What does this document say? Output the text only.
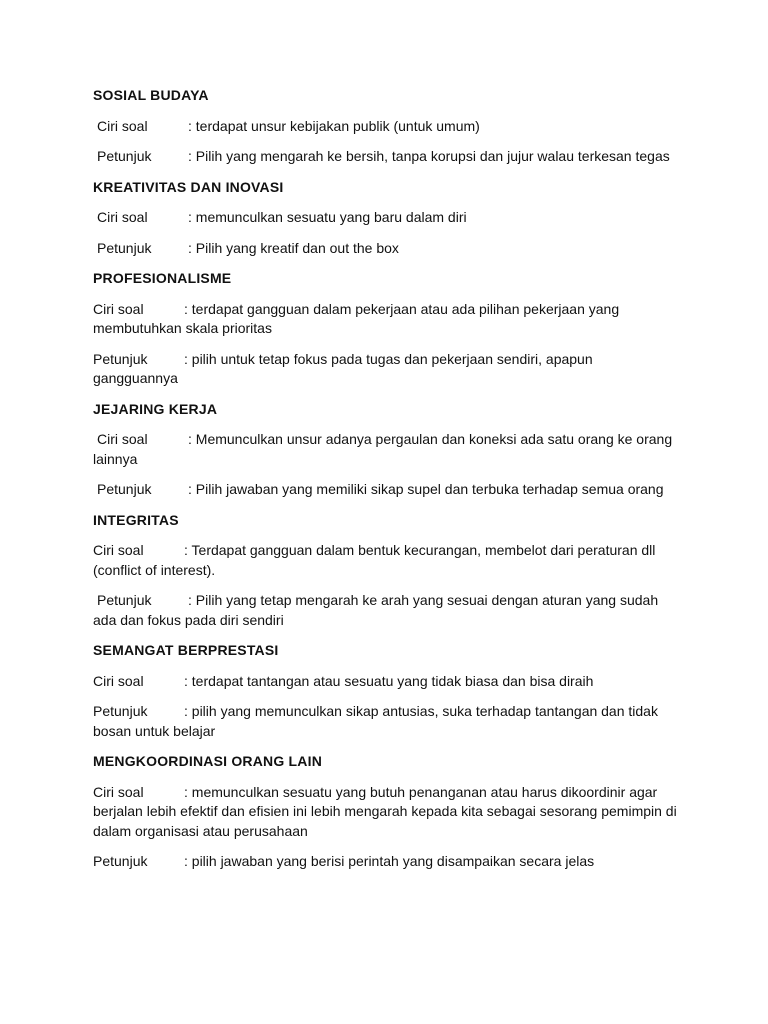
SOSIAL BUDAYA
Ciri soal	: terdapat unsur kebijakan publik (untuk umum)
Petunjuk	: Pilih yang mengarah ke bersih, tanpa korupsi dan jujur walau terkesan tegas
KREATIVITAS DAN INOVASI
Ciri soal	: memunculkan sesuatu yang baru dalam diri
Petunjuk	: Pilih yang kreatif dan out the box
PROFESIONALISME
Ciri soal	: terdapat gangguan dalam pekerjaan atau ada pilihan pekerjaan yang membutuhkan skala prioritas
Petunjuk	: pilih untuk tetap fokus pada tugas dan pekerjaan sendiri, apapun gangguannya
JEJARING KERJA
Ciri soal	: Memunculkan unsur adanya pergaulan dan koneksi ada satu orang ke orang lainnya
Petunjuk	: Pilih jawaban yang memiliki sikap supel dan terbuka terhadap semua orang
INTEGRITAS
Ciri soal	: Terdapat gangguan dalam bentuk kecurangan, membelot dari peraturan dll (conflict of interest).
Petunjuk	: Pilih yang tetap mengarah ke arah yang sesuai dengan aturan yang sudah ada dan fokus pada diri sendiri
SEMANGAT BERPRESTASI
Ciri soal	: terdapat tantangan atau sesuatu yang tidak biasa dan bisa diraih
Petunjuk	: pilih yang memunculkan sikap antusias, suka terhadap tantangan dan tidak bosan untuk belajar
MENGKOORDINASI ORANG LAIN
Ciri soal	: memunculkan sesuatu yang butuh penanganan atau harus dikoordinir agar berjalan lebih efektif dan efisien ini lebih mengarah kepada kita sebagai sesorang pemimpin di dalam organisasi atau perusahaan
Petunjuk	: pilih jawaban yang berisi perintah yang disampaikan secara jelas
